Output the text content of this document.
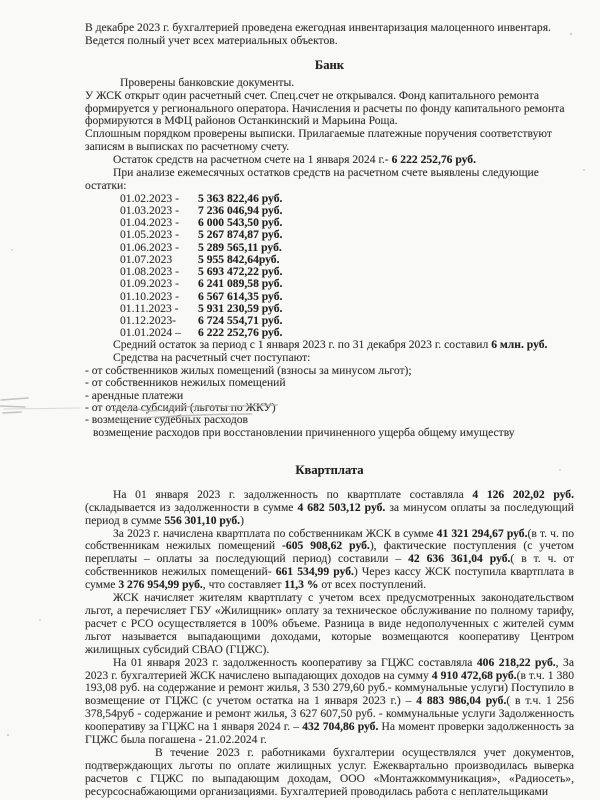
В декабре 2023 г. бухгалтерией проведена ежегодная инвентаризация малоценного инвентаря. Ведется полный учет всех материальных объектов.

Банк

Проверены банковские документы.

У ЖСК открыт один расчетный счет. Спец.счет не открывался. Фонд капитального ремонта формируется у регионального оператора. Начисления и расчеты по фонду капитального ремонта формируются в МФЦ районов Останкинский и Марьина Роща.

Сплошным порядком проверены выписки. Прилагаемые платежные поручения соответствуют записям в выписках по расчетному счету.

Остаток средств на расчетном счете на 1 января 2024 г.- 6 222 252,76 руб.

При анализе ежемесячных остатков средств на расчетном счете выявлены следующие остатки:

01.02.2023 - 5 363 822,46 руб.
01.03.2023 - 7 236 046,94 руб.
01.04.2023 - 6 000 543,50 руб.
01.05.2023 - 5 267 874,87 руб.
01.06.2023 - 5 289 565,11 руб.
01.07.2023 5 955 842,64руб.
01.08.2023 - 5 693 472,22 руб.
01.09.2023 - 6 241 089,58 руб.
01.10.2023 - 6 567 614,35 руб.
01.11.2023 - 5 931 230,59 руб.
01.12.2023- 6 724 554,71 руб.
01.01.2024 – 6 222 252,76 руб.

Средний остаток за период с 1 января 2023 г. по 31 декабря 2023 г. составил 6 млн. руб.

Средства на расчетный счет поступают:

- от собственников жилых помещений (взносы за минусом льгот);
- от собственников нежилых помещений
- арендные платежи
- от отдела субсидий (льготы по ЖКУ)
- возмещение судебных расходов
возмещение расходов при восстановлении причиненного ущерба общему имуществу
Квартплата

На 01 января 2023 г. задолженность по квартплате составляла 4 126 202,02 руб. (складывается из задолженности в сумме 4 682 503,12 руб. за минусом оплаты за последующий период в сумме 556 301,10 руб.)

За 2023 г. начислена квартплата по собственникам ЖСК в сумме 41 321 294,67 руб.(в т. ч. по собственникам нежилых помещений -605 908,62 руб.), фактические поступления (с учетом переплаты – оплаты за последующий период) составили – 42 636 361,04 руб.( в т. ч. от собственников нежилых помещений- 661 534,99 руб.) Через кассу ЖСК поступила квартплата в сумме 3 276 954,99 руб., что составляет 11,3 % от всех поступлений.

ЖСК начисляет жителям квартплату с учетом всех предусмотренных законодательством льгот, а перечисляет ГБУ «Жилищник» оплату за техническое обслуживание по полному тарифу, расчет с РСО осуществляется в 100% объеме. Разница в виде недополученных с жителей сумм льгот называется выпадающими доходами, которые возмещаются кооперативу Центром жилищных субсидий СВАО (ГЦЖС).

На 01 января 2023 г. задолженность кооперативу за ГЦЖС составляла 406 218,22 руб., За 2023 г. бухгалтерией ЖСК начислено выпадающих доходов на сумму 4 910 472,68 руб.(в т.ч. 1 380 193,08 руб. на содержание и ремонт жилья, 3 530 279,60 руб.- коммунальные услуги) Поступило в возмещение от ГЦЖС (с учетом остатка на 1 января 2023 г.) – 4 883 986,04 руб.( в т.ч. 1 256 378,54руб - содержание и ремонт жилья, 3 627 607,50 руб. - коммунальные услуги Задолженность кооперативу за ГЦЖС на 1 января 2024 г. – 432 704,86 руб. На момент проверки задолженность за ГЦЖС была погашена - 21.02.2024 г.

В течение 2023 г. работниками бухгалтерии осуществлялся учет документов, подтверждающих льготы по оплате жилищных услуг. Ежеквартально производилась выверка расчетов с ГЦЖС по выпадающим доходам, ООО «Монтажкоммуникация», «Радиосеть», ресурсоснабжающими организациями. Бухгалтерией проводилась работа с неплательщиками
